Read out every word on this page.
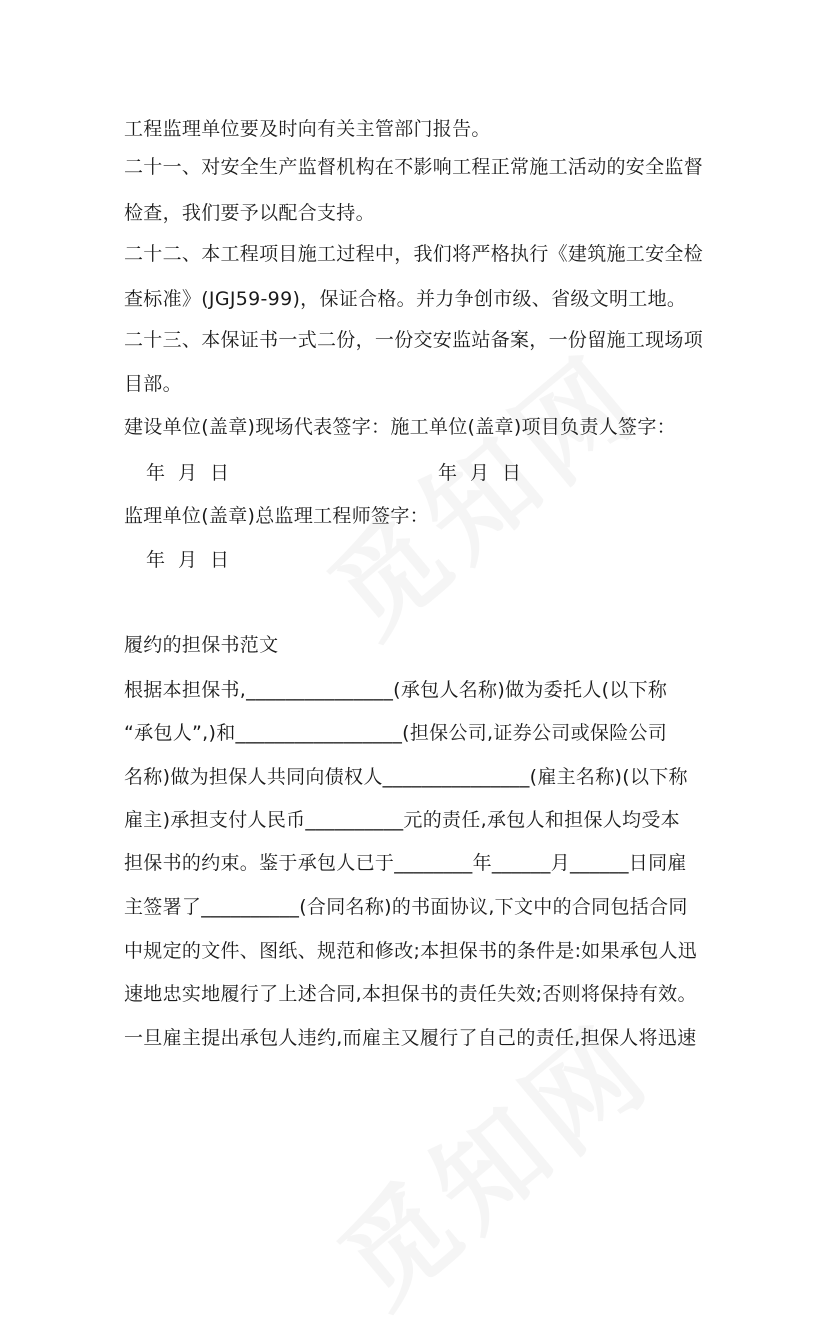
工程监理单位要及时向有关主管部门报告。
二十一、对安全生产监督机构在不影响工程正常施工活动的安全监督
检查，我们要予以配合支持。
二十二、本工程项目施工过程中，我们将严格执行《建筑施工安全检
查标准》(JGJ59-99)，保证合格。并力争创市级、省级文明工地。
二十三、本保证书一式二份，一份交安监站备案，一份留施工现场项
目部。
建设单位(盖章)现场代表签字：施工单位(盖章)项目负责人签字：
年  月  日	年  月  日
监理单位(盖章)总监理工程师签字：
年  月  日
履约的担保书范文
根据本担保书,_______________(承包人名称)做为委托人(以下称
“承包人”,)和_________________(担保公司,证券公司或保险公司
名称)做为担保人共同向债权人_______________(雇主名称)(以下称
雇主)承担支付人民币__________元的责任,承包人和担保人均受本
担保书的约束。鉴于承包人已于________年______月______日同雇
主签署了__________(合同名称)的书面协议,下文中的合同包括合同
中规定的文件、图纸、规范和修改;本担保书的条件是:如果承包人迅
速地忠实地履行了上述合同,本担保书的责任失效;否则将保持有效。
一旦雇主提出承包人违约,而雇主又履行了自己的责任,担保人将迅速
